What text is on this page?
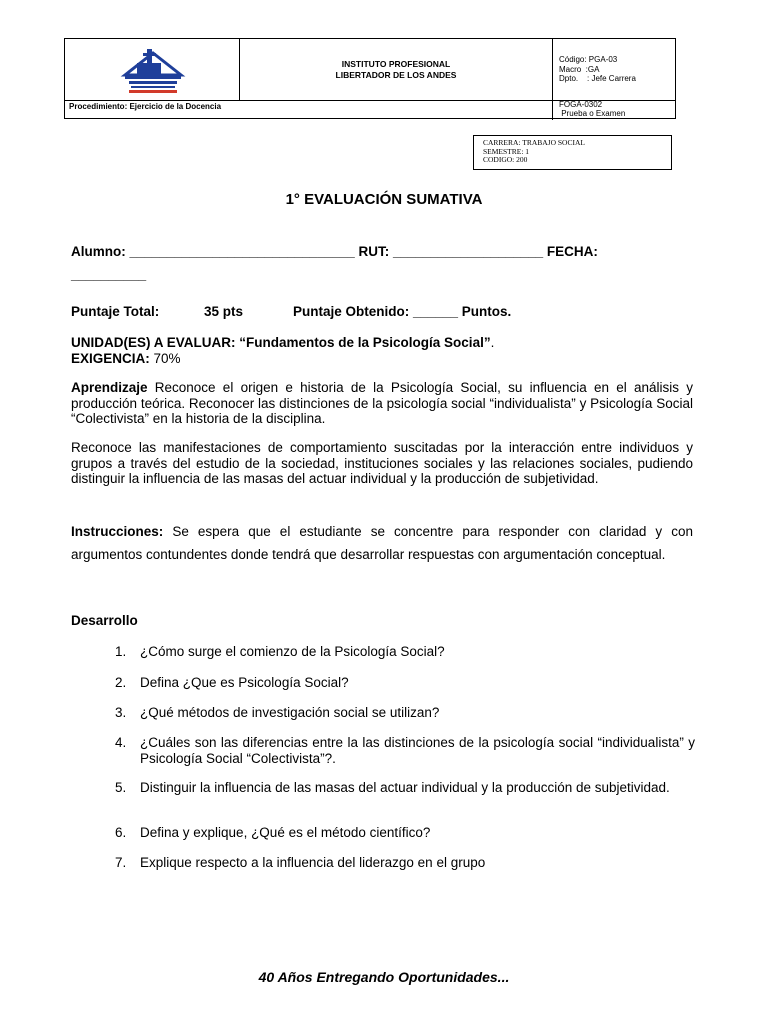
INSTITUTO PROFESIONAL
LIBERTADOR DE LOS ANDES
Código: PGA-03
Macro  :GA
Dpto.    : Jefe Carrera
Procedimiento: Ejercicio de la Docencia	FOGA-0302
Prueba o Examen
CARRERA: TRABAJO SOCIAL
SEMESTRE: 1
CODIGO: 200
1° EVALUACIÓN SUMATIVA
Alumno: ______________________________ RUT: ____________________ FECHA:
__________
Puntaje Total:	35 pts	Puntaje Obtenido: ______ Puntos.
UNIDAD(ES) A EVALUAR: “Fundamentos de la Psicología Social”.
EXIGENCIA: 70%
Aprendizaje Reconoce el origen e historia de la Psicología Social, su influencia en el análisis y producción teórica. Reconocer las distinciones de la psicología social “individualista” y Psicología Social “Colectivista” en la historia de la disciplina.
Reconoce las manifestaciones de comportamiento suscitadas por la interacción entre individuos y grupos a través del estudio de la sociedad, instituciones sociales y las relaciones sociales, pudiendo distinguir la influencia de las masas del actuar individual y la producción de subjetividad.
Instrucciones: Se espera que el estudiante se concentre para responder con claridad y con argumentos contundentes donde tendrá que desarrollar respuestas con argumentación conceptual.
Desarrollo
1. ¿Cómo surge el comienzo de la Psicología Social?
2. Defina ¿Que es Psicología Social?
3. ¿Qué métodos de investigación social se utilizan?
4.	¿Cuáles son las diferencias entre la las distinciones de la psicología social “individualista” y Psicología Social “Colectivista”?.
5.	Distinguir la influencia de las masas del actuar individual y la producción de subjetividad.
6. Defina y explique, ¿Qué es el método científico?
7. Explique respecto a la influencia del liderazgo en el grupo
40 Años Entregando Oportunidades...
